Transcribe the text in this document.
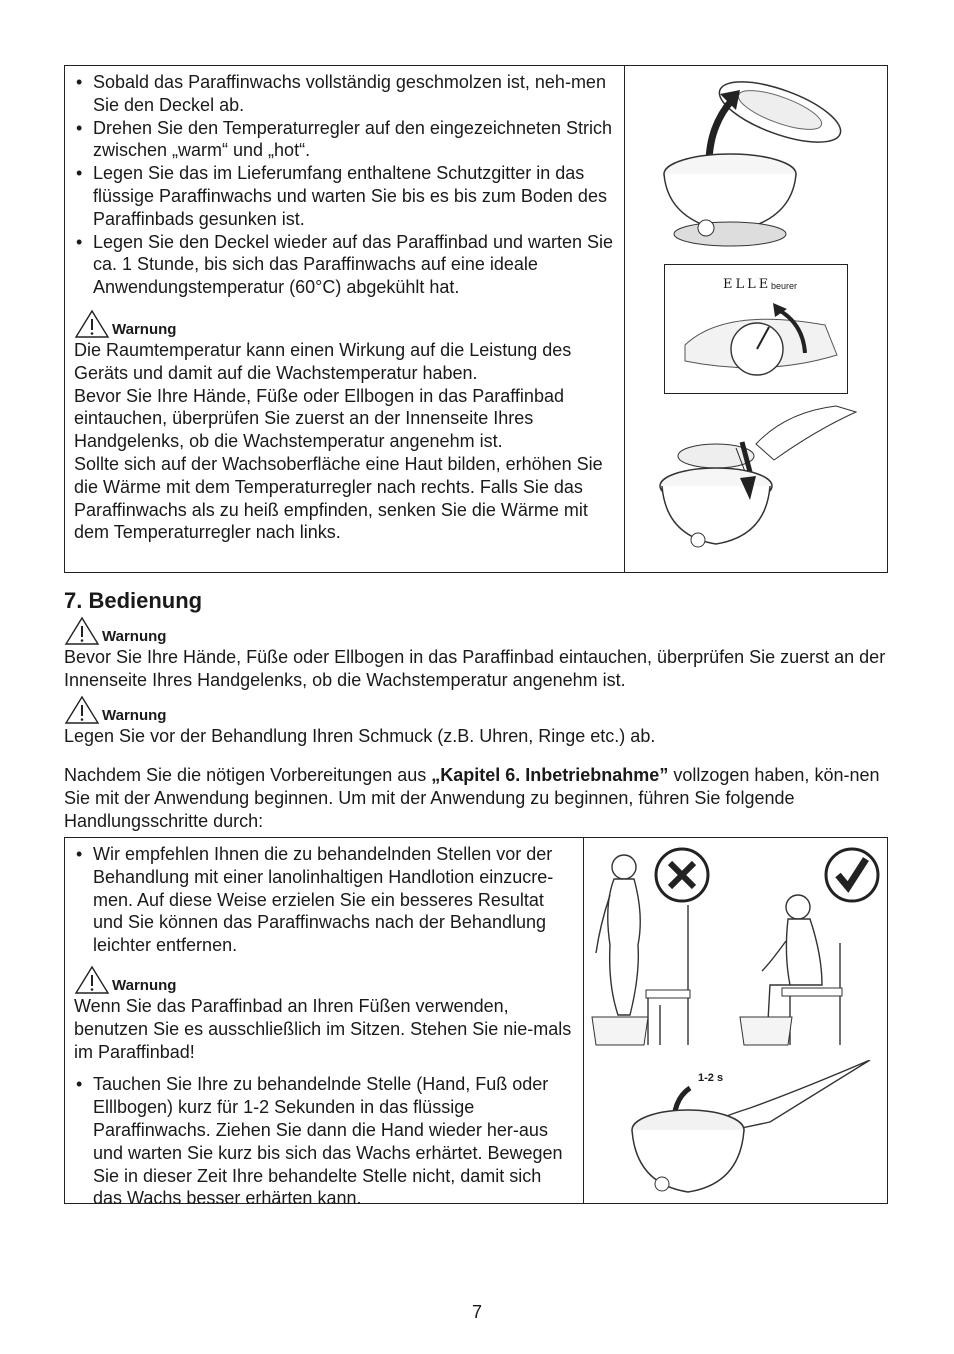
• Sobald das Paraffinwachs vollständig geschmolzen ist, neh-men Sie den Deckel ab.
• Drehen Sie den Temperaturregler auf den eingezeichneten Strich zwischen „warm“ und „hot“.
• Legen Sie das im Lieferumfang enthaltene Schutzgitter in das flüssige Paraffinwachs und warten Sie bis es bis zum Boden des Paraffinbads gesunken ist.
• Legen Sie den Deckel wieder auf das Paraffinbad und warten Sie ca. 1 Stunde, bis sich das Paraffinwachs auf eine ideale Anwendungstemperatur (60°C) abgekühlt hat.
Warnung

Die Raumtemperatur kann einen Wirkung auf die Leistung des Geräts und damit auf die Wachstemperatur haben.

Bevor Sie Ihre Hände, Füße oder Ellbogen in das Paraffinbad eintauchen, überprüfen Sie zuerst an der Innenseite Ihres Handgelenks, ob die Wachstemperatur angenehm ist.

Sollte sich auf der Wachsoberfläche eine Haut bilden, erhöhen Sie die Wärme mit dem Temperaturregler nach rechts. Falls Sie das Paraffinwachs als zu heiß empfinden, senken Sie die Wärme mit dem Temperaturregler nach links.

ELLE beurer
7. Bedienung
Warnung

Bevor Sie Ihre Hände, Füße oder Ellbogen in das Paraffinbad eintauchen, überprüfen Sie zuerst an der Innenseite Ihres Handgelenks, ob die Wachstemperatur angenehm ist.

Warnung

Legen Sie vor der Behandlung Ihren Schmuck (z.B. Uhren, Ringe etc.) ab.

Nachdem Sie die nötigen Vorbereitungen aus „Kapitel 6. Inbetriebnahme” vollzogen haben, kön-nen Sie mit der Anwendung beginnen. Um mit der Anwendung zu beginnen, führen Sie folgende Handlungsschritte durch:
• Wir empfehlen Ihnen die zu behandelnden Stellen vor der Behandlung mit einer lanolinhaltigen Handlotion einzucre-men. Auf diese Weise erzielen Sie ein besseres Resultat und Sie können das Paraffinwachs nach der Behandlung leichter entfernen.
Warnung

Wenn Sie das Paraffinbad an Ihren Füßen verwenden, benutzen Sie es ausschließlich im Sitzen. Stehen Sie nie-mals im Paraffinbad!

• Tauchen Sie Ihre zu behandelnde Stelle (Hand, Fuß oder Elllbogen) kurz für 1-2 Sekunden in das flüssige Paraffinwachs. Ziehen Sie dann die Hand wieder her-aus und warten Sie kurz bis sich das Wachs erhärtet. Bewegen Sie in dieser Zeit Ihre behandelte Stelle nicht, damit sich das Wachs besser erhärten kann.
1-2 s
7
